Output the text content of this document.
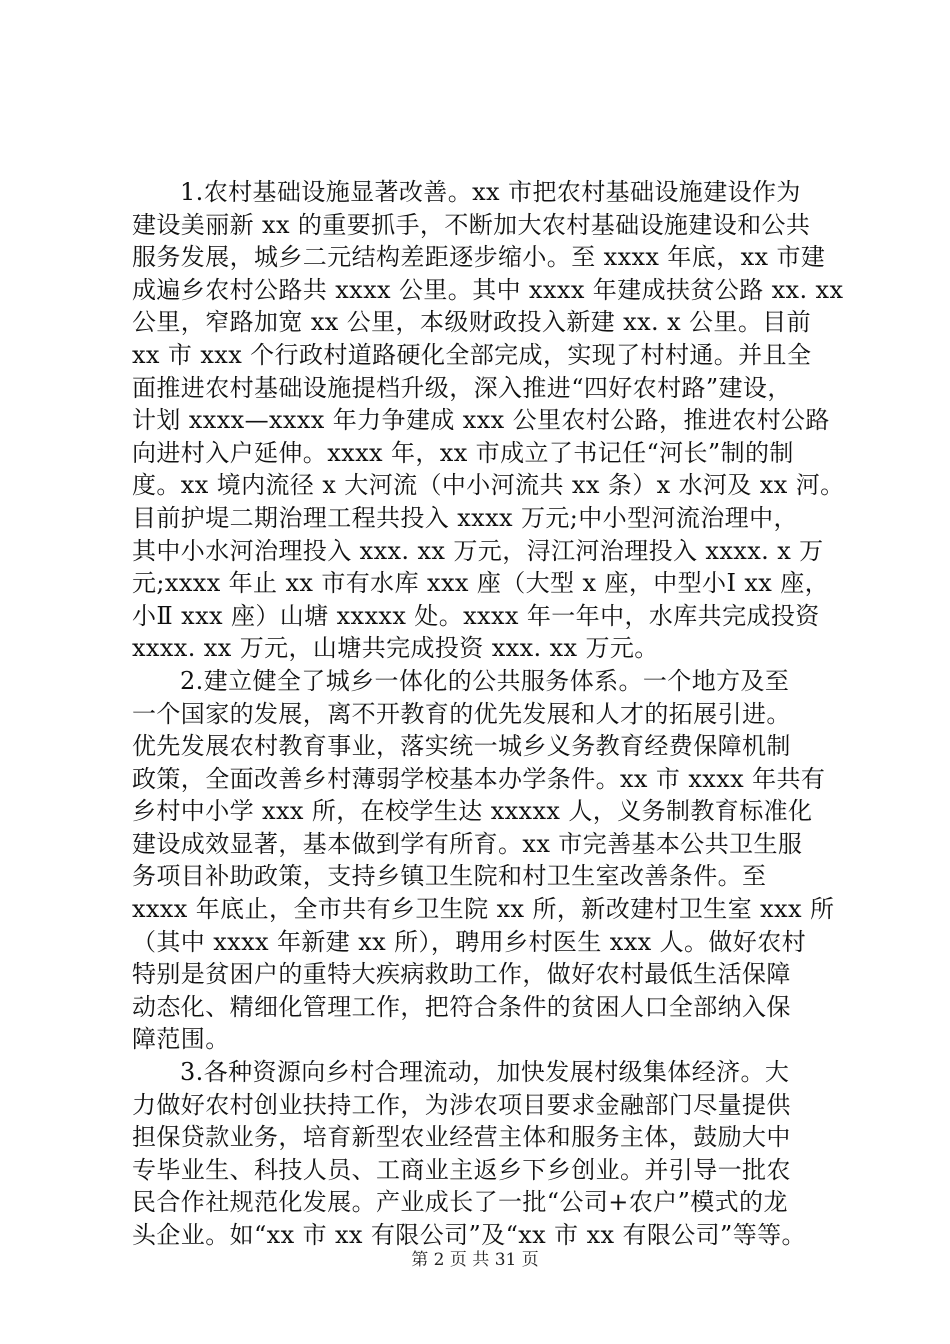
1.农村基础设施显著改善。xx 市把农村基础设施建设作为
建设美丽新 xx 的重要抓手，不断加大农村基础设施建设和公共
服务发展，城乡二元结构差距逐步缩小。至 xxxx 年底，xx 市建
成遍乡农村公路共 xxxx 公里。其中 xxxx 年建成扶贫公路 xx. xx
公里，窄路加宽 xx 公里，本级财政投入新建 xx. x 公里。目前
xx 市 xxx 个行政村道路硬化全部完成，实现了村村通。并且全
面推进农村基础设施提档升级，深入推进“四好农村路”建设，
计划 xxxx—xxxx 年力争建成 xxx 公里农村公路，推进农村公路
向进村入户延伸。xxxx 年，xx 市成立了书记任“河长”制的制
度。xx 境内流径 x 大河流（中小河流共 xx 条）x 水河及 xx 河。
目前护堤二期治理工程共投入 xxxx 万元;中小型河流治理中，
其中小水河治理投入 xxx. xx 万元，浔江河治理投入 xxxx. x 万
元;xxxx 年止 xx 市有水库 xxx 座（大型 x 座，中型小Ⅰ xx 座，
小Ⅱ xxx 座）山塘 xxxxx 处。xxxx 年一年中，水库共完成投资
xxxx. xx 万元，山塘共完成投资 xxx. xx 万元。
2.建立健全了城乡一体化的公共服务体系。一个地方及至
一个国家的发展，离不开教育的优先发展和人才的拓展引进。
优先发展农村教育事业，落实统一城乡义务教育经费保障机制
政策，全面改善乡村薄弱学校基本办学条件。xx 市 xxxx 年共有
乡村中小学 xxx 所，在校学生达 xxxxx 人，义务制教育标准化
建设成效显著，基本做到学有所育。xx 市完善基本公共卫生服
务项目补助政策，支持乡镇卫生院和村卫生室改善条件。至
xxxx 年底止，全市共有乡卫生院 xx 所，新改建村卫生室 xxx 所
（其中 xxxx 年新建 xx 所），聘用乡村医生 xxx 人。做好农村
特别是贫困户的重特大疾病救助工作，做好农村最低生活保障
动态化、精细化管理工作，把符合条件的贫困人口全部纳入保
障范围。
3.各种资源向乡村合理流动，加快发展村级集体经济。大
力做好农村创业扶持工作，为涉农项目要求金融部门尽量提供
担保贷款业务，培育新型农业经营主体和服务主体，鼓励大中
专毕业生、科技人员、工商业主返乡下乡创业。并引导一批农
民合作社规范化发展。产业成长了一批“公司+农户”模式的龙
头企业。如“xx 市 xx 有限公司”及“xx 市 xx 有限公司”等等。
第 2 页 共 31 页
